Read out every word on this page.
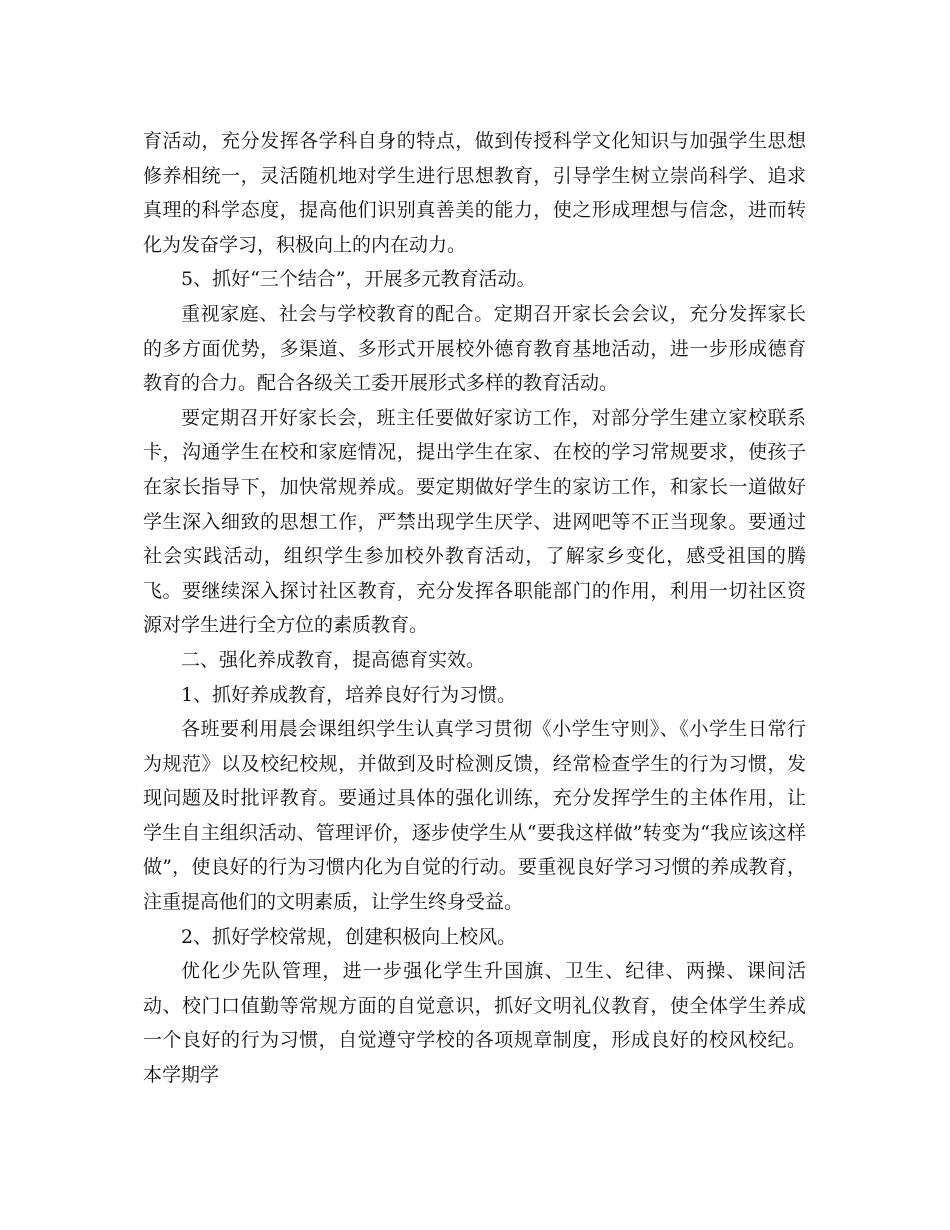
育活动，充分发挥各学科自身的特点，做到传授科学文化知识与加强学生思想修养相统一，灵活随机地对学生进行思想教育，引导学生树立崇尚科学、追求真理的科学态度，提高他们识别真善美的能力，使之形成理想与信念，进而转化为发奋学习，积极向上的内在动力。

5、抓好“三个结合”，开展多元教育活动。

重视家庭、社会与学校教育的配合。定期召开家长会会议，充分发挥家长的多方面优势，多渠道、多形式开展校外德育教育基地活动，进一步形成德育教育的合力。配合各级关工委开展形式多样的教育活动。

要定期召开好家长会，班主任要做好家访工作，对部分学生建立家校联系卡，沟通学生在校和家庭情况，提出学生在家、在校的学习常规要求，使孩子在家长指导下，加快常规养成。要定期做好学生的家访工作，和家长一道做好学生深入细致的思想工作，严禁出现学生厌学、进网吧等不正当现象。要通过社会实践活动，组织学生参加校外教育活动，了解家乡变化，感受祖国的腾飞。要继续深入探讨社区教育，充分发挥各职能部门的作用，利用一切社区资源对学生进行全方位的素质教育。

二、强化养成教育，提高德育实效。

1、抓好养成教育，培养良好行为习惯。

各班要利用晨会课组织学生认真学习贯彻《小学生守则》、《小学生日常行为规范》以及校纪校规，并做到及时检测反馈，经常检查学生的行为习惯，发现问题及时批评教育。要通过具体的强化训练，充分发挥学生的主体作用，让学生自主组织活动、管理评价，逐步使学生从“要我这样做”转变为“我应该这样做”，使良好的行为习惯内化为自觉的行动。要重视良好学习习惯的养成教育，注重提高他们的文明素质，让学生终身受益。

2、抓好学校常规，创建积极向上校风。

优化少先队管理，进一步强化学生升国旗、卫生、纪律、两操、课间活动、校门口值勤等常规方面的自觉意识，抓好文明礼仪教育，使全体学生养成一个良好的行为习惯，自觉遵守学校的各项规章制度，形成良好的校风校纪。本学期学
